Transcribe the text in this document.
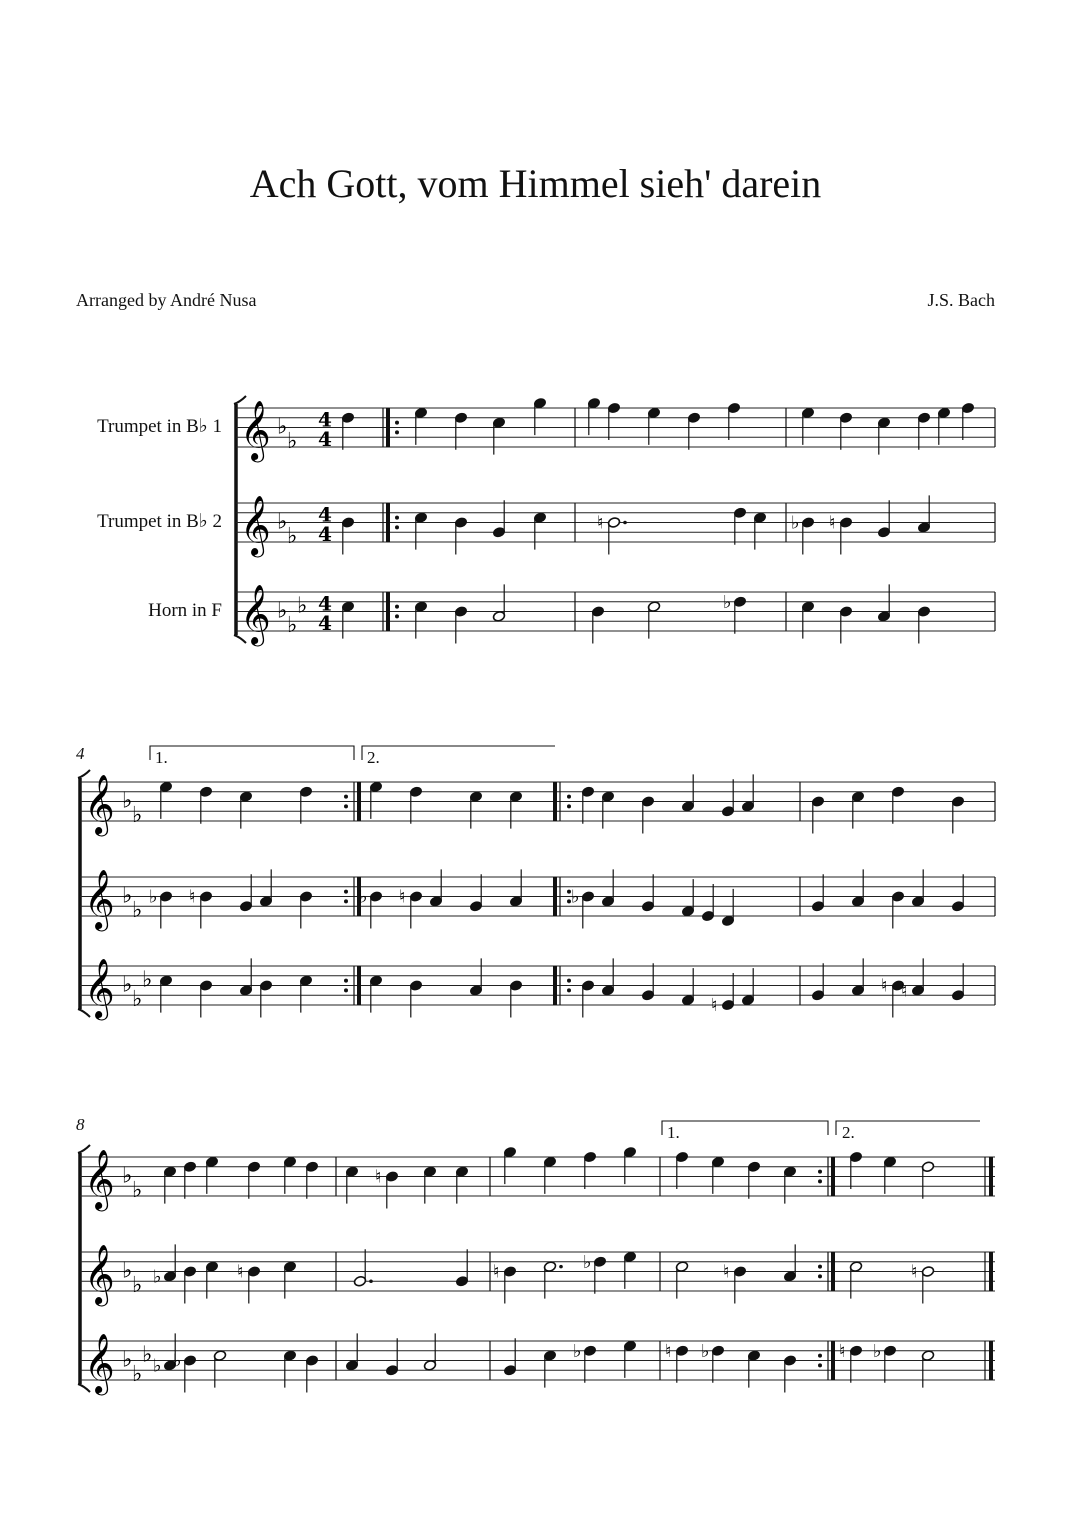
Ach Gott, vom Himmel sieh' darein
Arranged by André Nusa	J.S. Bach
Trumpet in B♭ 1
Trumpet in B♭ 2
Horn in F
4
8
1.	2.
1.	2.
𝄞 ♭
♭
4
4
𝄞 ♭
♭
4
4
𝄞 ♭
♭
♭ 4
4
♮	♭ ♮
♭
𝄞 ♭
♭
𝄞 ♭
♭
𝄞 ♭
♭
♭
♭ ♮	♭ ♮	♭
♮
♮ ♮
𝄞 ♭
♭
𝄞 ♭
♭
𝄞 ♭
♭
♭
♮
♭	♮	♮	♭	♮	♮
♭ ♭	♭	♮ ♭	♮ ♭
